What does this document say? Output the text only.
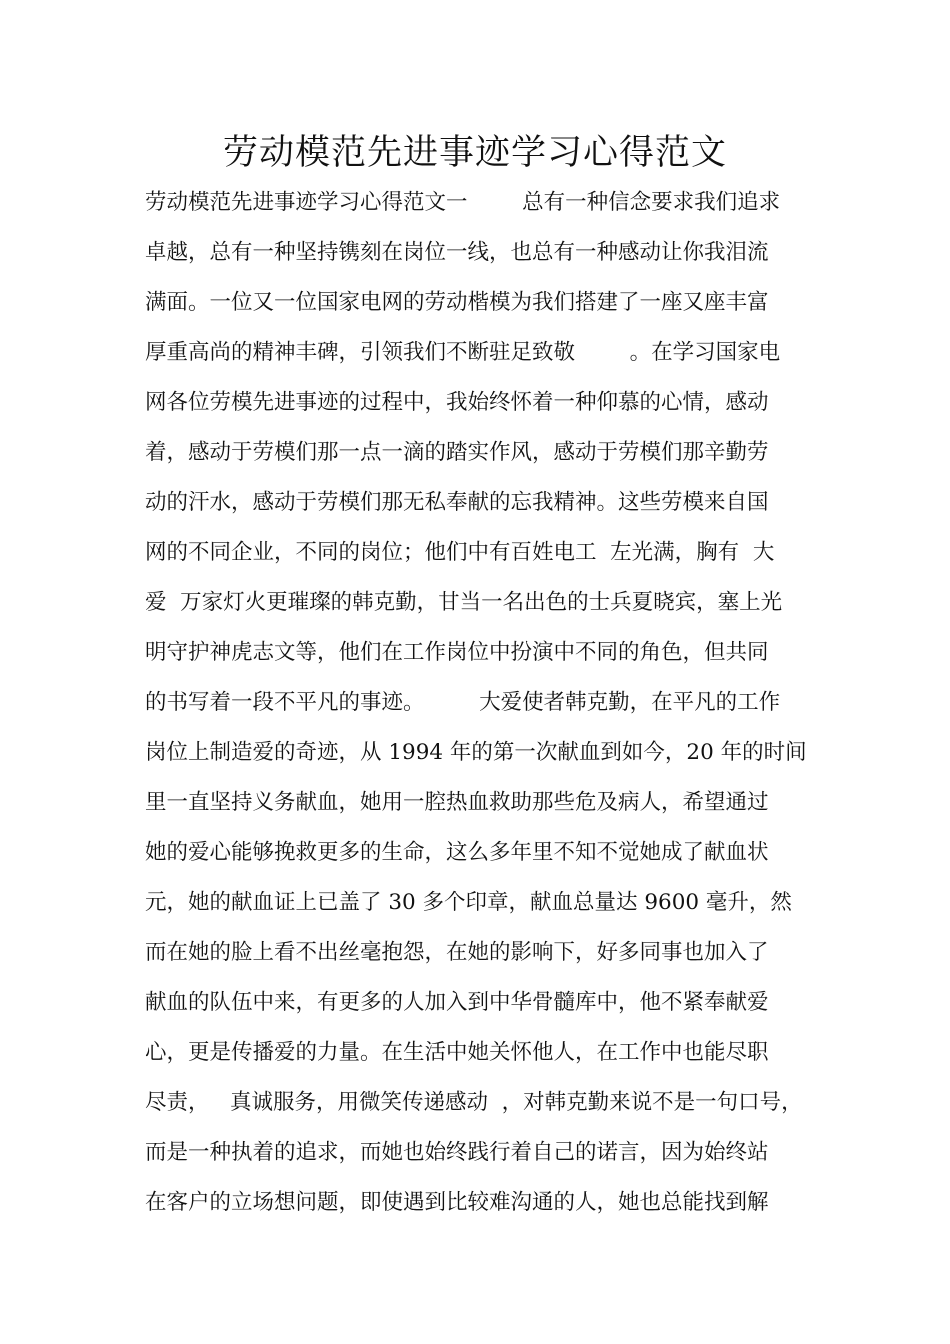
劳动模范先进事迹学习心得范文
劳动模范先进事迹学习心得范文一        总有一种信念要求我们追求
卓越，总有一种坚持镌刻在岗位一线，也总有一种感动让你我泪流
满面。一位又一位国家电网的劳动楷模为我们搭建了一座又座丰富
厚重高尚的精神丰碑，引领我们不断驻足致敬        。在学习国家电
网各位劳模先进事迹的过程中，我始终怀着一种仰慕的心情，感动
着，感动于劳模们那一点一滴的踏实作风，感动于劳模们那辛勤劳
动的汗水，感动于劳模们那无私奉献的忘我精神。这些劳模来自国
网的不同企业，不同的岗位；他们中有百姓电工  左光满，胸有  大
爱  万家灯火更璀璨的韩克勤，甘当一名出色的士兵夏晓宾，塞上光
明守护神虎志文等，他们在工作岗位中扮演中不同的角色，但共同
的书写着一段不平凡的事迹。        大爱使者韩克勤，在平凡的工作
岗位上制造爱的奇迹，从 1994 年的第一次献血到如今，20 年的时间
里一直坚持义务献血，她用一腔热血救助那些危及病人，希望通过
她的爱心能够挽救更多的生命，这么多年里不知不觉她成了献血状
元，她的献血证上已盖了 30 多个印章，献血总量达 9600 毫升，然
而在她的脸上看不出丝毫抱怨，在她的影响下，好多同事也加入了
献血的队伍中来，有更多的人加入到中华骨髓库中，他不紧奉献爱
心，更是传播爱的力量。在生活中她关怀他人，在工作中也能尽职
尽责，   真诚服务，用微笑传递感动  ，对韩克勤来说不是一句口号，
而是一种执着的追求，而她也始终践行着自己的诺言，因为始终站
在客户的立场想问题，即使遇到比较难沟通的人，她也总能找到解
